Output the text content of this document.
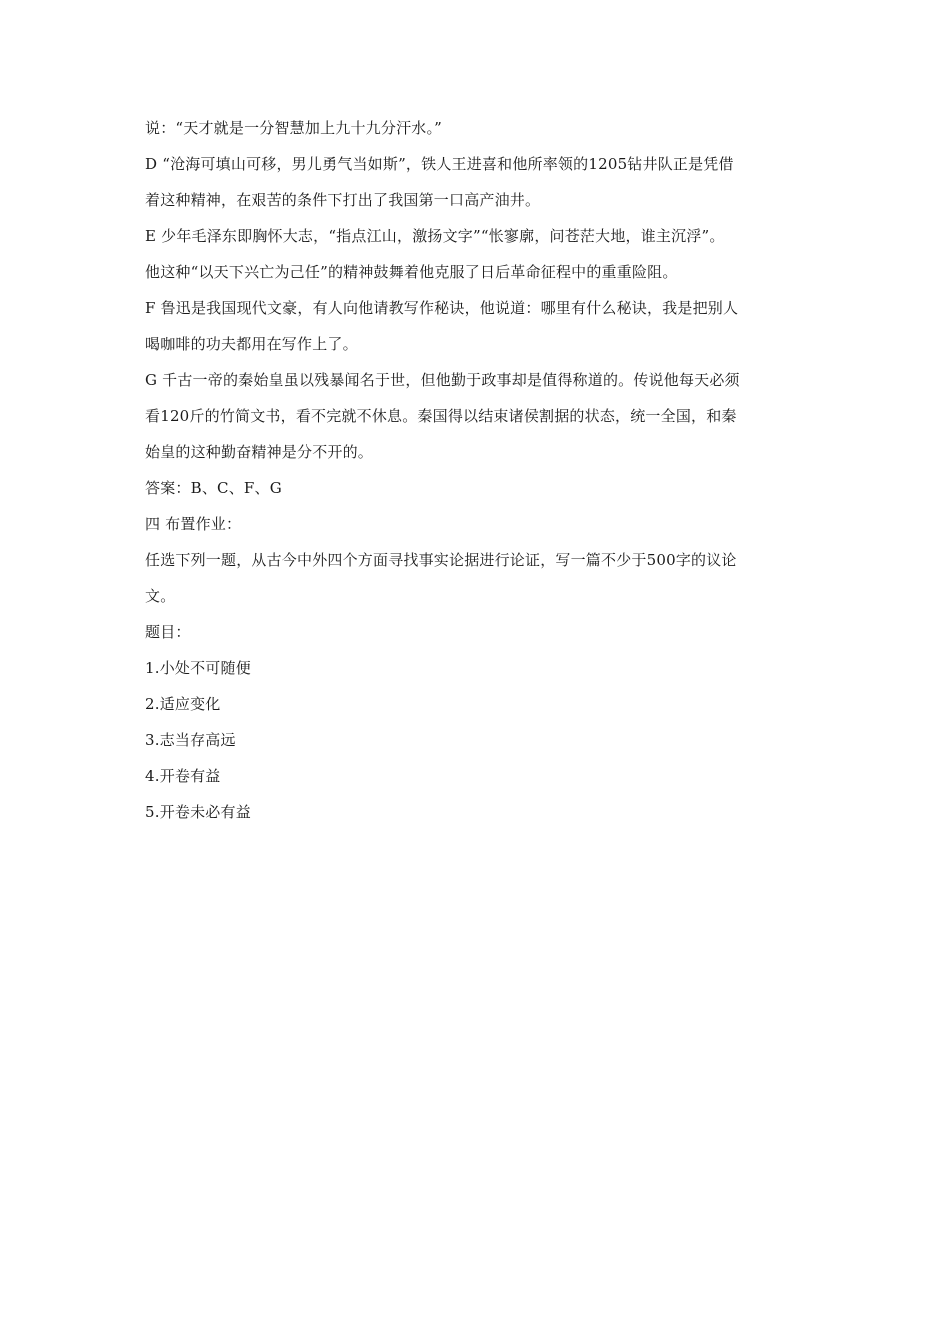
说：“天才就是一分智慧加上九十九分汗水。”
D “沧海可填山可移，男儿勇气当如斯”，铁人王进喜和他所率领的1205钻井队正是凭借
着这种精神，在艰苦的条件下打出了我国第一口高产油井。
E 少年毛泽东即胸怀大志，“指点江山，激扬文字”“怅寥廓，问苍茫大地，谁主沉浮”。
他这种“以天下兴亡为己任”的精神鼓舞着他克服了日后革命征程中的重重险阻。
F 鲁迅是我国现代文豪，有人向他请教写作秘诀，他说道：哪里有什么秘诀，我是把别人
喝咖啡的功夫都用在写作上了。
G 千古一帝的秦始皇虽以残暴闻名于世，但他勤于政事却是值得称道的。传说他每天必须
看120斤的竹简文书，看不完就不休息。秦国得以结束诸侯割据的状态，统一全国，和秦
始皇的这种勤奋精神是分不开的。
答案：B、C、F、G
四 布置作业：
任选下列一题，从古今中外四个方面寻找事实论据进行论证，写一篇不少于500字的议论
文。
题目：
1.小处不可随便
2.适应变化
3.志当存高远
4.开卷有益
5.开卷未必有益
